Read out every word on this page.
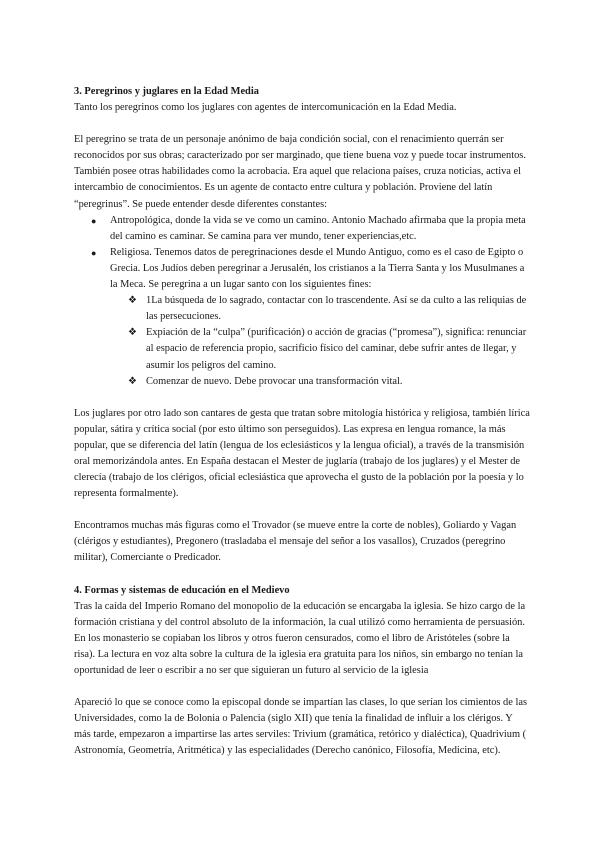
3. Peregrinos y juglares en la Edad Media

Tanto los peregrinos como los juglares con agentes de intercomunicación en la Edad Media.

El peregrino se trata de un personaje anónimo de baja condición social, con el renacimiento querrán ser reconocidos por sus obras; caracterizado por ser marginado, que tiene buena voz y puede tocar instrumentos. También posee otras habilidades como la acrobacia. Era aquel que relaciona países, cruza noticias, activa el intercambio de conocimientos. Es un agente de contacto entre cultura y población. Proviene del latín “peregrinus”. Se puede entender desde diferentes constantes:

● Antropológica, donde la vida se ve como un camino. Antonio Machado afirmaba que la propia meta del camino es caminar. Se camina para ver mundo, tener experiencias,etc.
● Religiosa. Tenemos datos de peregrinaciones desde el Mundo Antiguo, como es el caso de Egipto o Grecia. Los Judíos deben peregrinar a Jerusalén, los cristianos a la Tierra Santa y los Musulmanes a la Meca. Se peregrina a un lugar santo con los siguientes fines:
❖ 1La búsqueda de lo sagrado, contactar con lo trascendente. Así se da culto a las reliquias de las persecuciones.
❖ Expiación de la “culpa” (purificación) o acción de gracias (“promesa”), significa: renunciar al espacio de referencia propio, sacrificio físico del caminar, debe sufrir antes de llegar, y asumir los peligros del camino.
❖ Comenzar de nuevo. Debe provocar una transformación vital.

Los juglares por otro lado son cantares de gesta que tratan sobre mitología histórica y religiosa, también lírica popular, sátira y crítica social (por esto último son perseguidos). Las expresa en lengua romance, la más popular, que se diferencia del latín (lengua de los eclesiásticos y la lengua oficial), a través de la transmisión oral memorizándola antes. En España destacan el Mester de juglaría (trabajo de los juglares) y el Mester de clerecía (trabajo de los clérigos, oficial eclesiástica que aprovecha el gusto de la población por la poesía y lo representa formalmente).

Encontramos muchas más figuras como el Trovador (se mueve entre la corte de nobles), Goliardo y Vagan (clérigos y estudiantes), Pregonero (trasladaba el mensaje del señor a los vasallos), Cruzados (peregrino militar), Comerciante o Predicador.

4. Formas y sistemas de educación en el Medievo

Tras la caída del Imperio Romano del monopolio de la educación se encargaba la iglesia. Se hizo cargo de la formación cristiana y del control absoluto de la información, la cual utilizó como herramienta de persuasión. En los monasterio se copiaban los libros y otros fueron censurados, como el libro de Aristóteles (sobre la risa). La lectura en voz alta sobre la cultura de la iglesia era gratuita para los niños, sin embargo no tenían la oportunidad de leer o escribir a no ser que siguieran un futuro al servicio de la iglesia

Apareció lo que se conoce como la episcopal donde se impartían las clases, lo que serían los cimientos de las Universidades, como la de Bolonia o Palencia (siglo XII) que tenía la finalidad de influir a los clérigos. Y más tarde, empezaron a impartirse las artes serviles: Trivium (gramática, retórico y dialéctica), Quadrivium ( Astronomía, Geometría, Aritmética) y las especialidades (Derecho canónico, Filosofía, Medicina, etc).
